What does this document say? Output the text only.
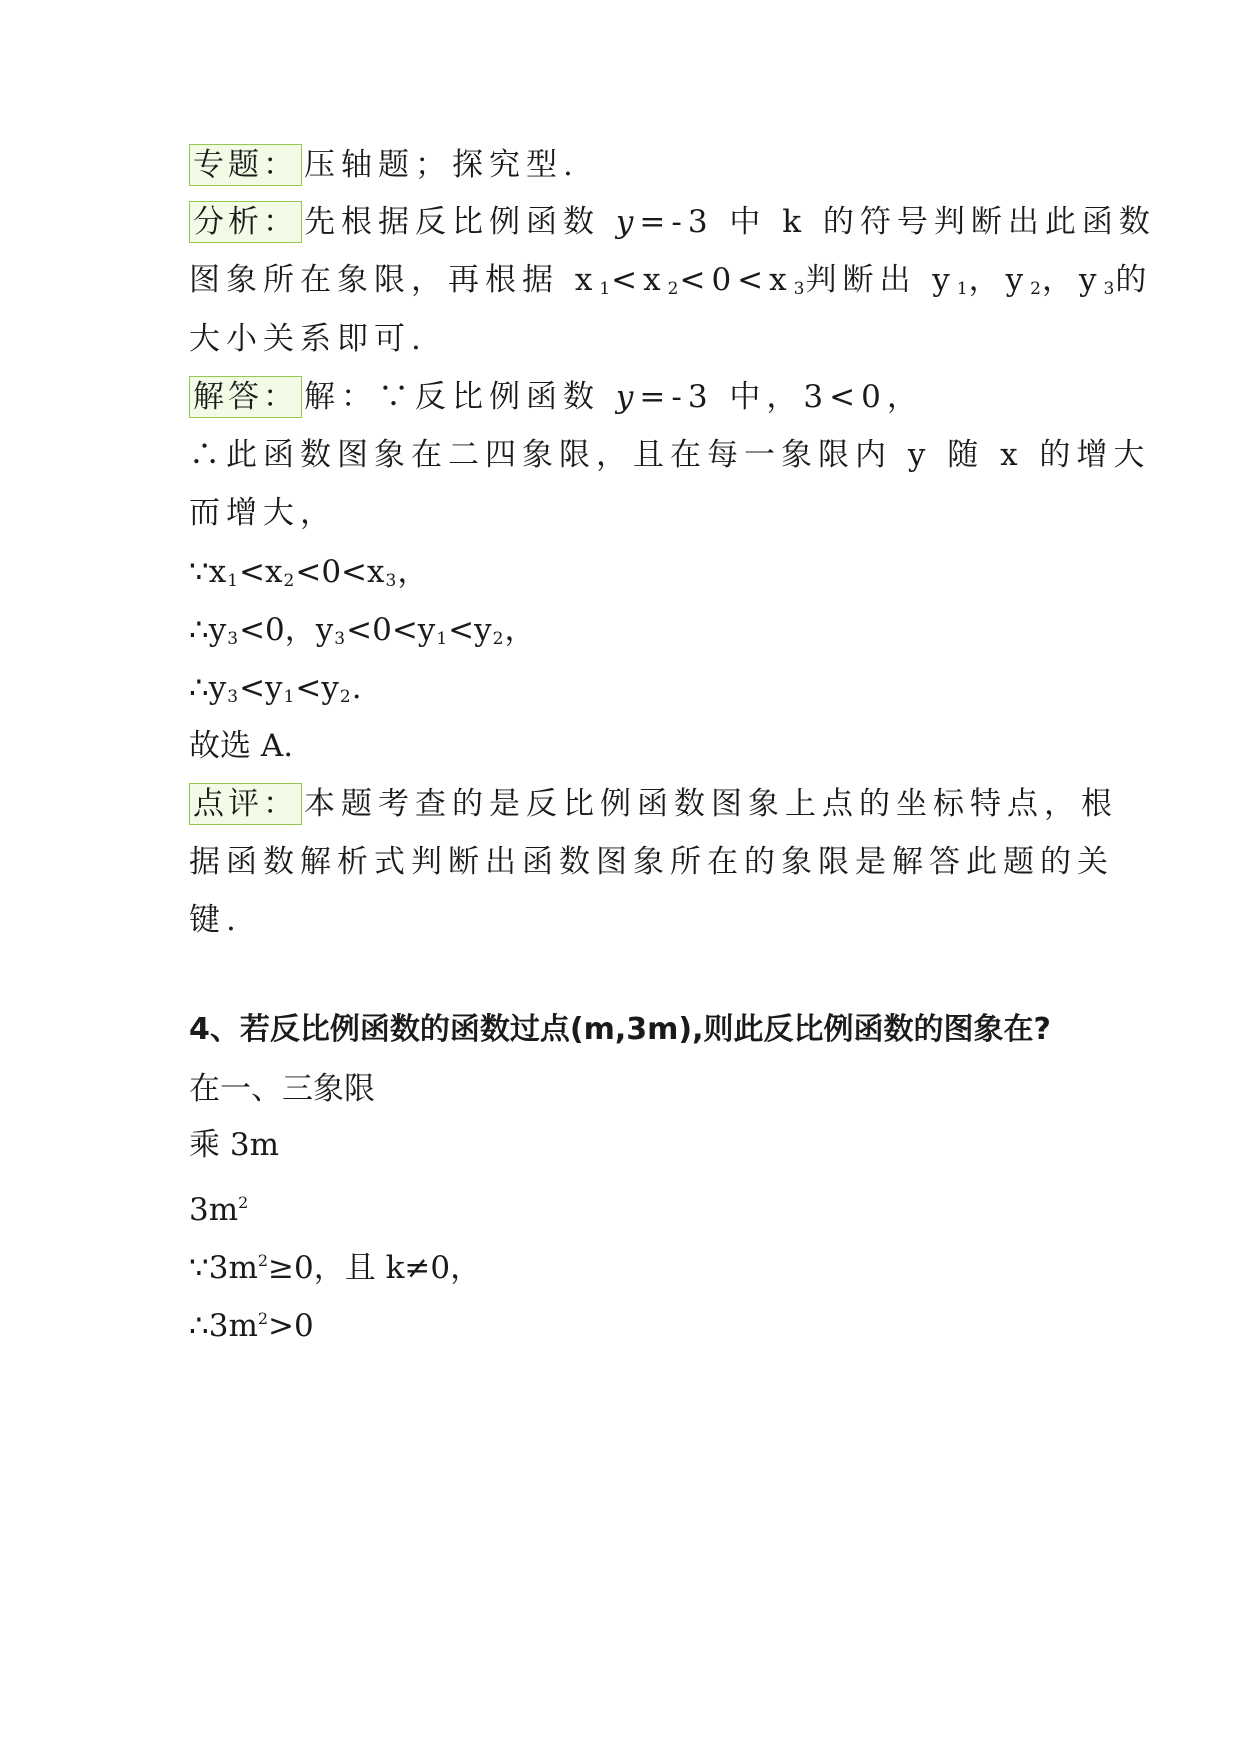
专题： 压轴题；探究型.
分析： 先根据反比例函数 y=-3 中 k 的符号判断出此函数
图象所在象限，再根据 $x_1<x_2<0<x_3$判断出 $y_1$，$y_2$，$y_3$的
大小关系即可.
解答： 解：∵反比例函数 y=-3 中，3<0，
∴此函数图象在二四象限，且在每一象限内 y 随 x 的增大
而增大，
$\because x_1<x_2<0<x_3$，
$\therefore y_3<0$，$y_3<0<y_1<y_2$，
$\therefore y_3<y_1<y_2$.
故选 A.
点评： 本题考查的是反比例函数图象上点的坐标特点，根
据函数解析式判断出函数图象所在的象限是解答此题的关
键.
4、若反比例函数的函数过点(m,3m),则此反比例函数的图象在?
在一、三象限
乘 3m
$3m^2$
$\because 3m^2\ge 0$，且 k≠0，
$\therefore 3m^2>0$
